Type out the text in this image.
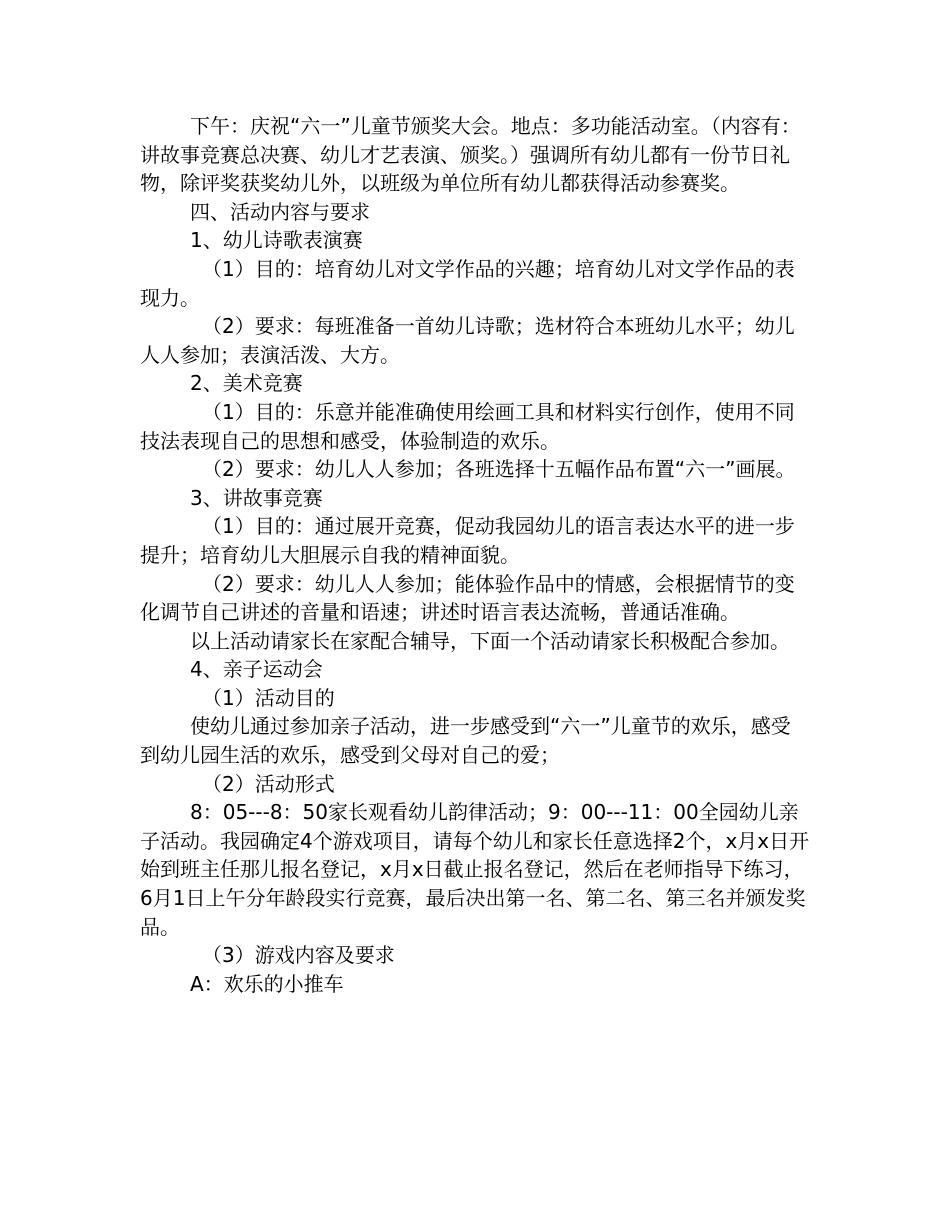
下午：庆祝“六一”儿童节颁奖大会。地点：多功能活动室。（内容有：讲故事竞赛总决赛、幼儿才艺表演、颁奖。）强调所有幼儿都有一份节日礼物，除评奖获奖幼儿外，以班级为单位所有幼儿都获得活动参赛奖。

四、活动内容与要求

1、幼儿诗歌表演赛

（1）目的：培育幼儿对文学作品的兴趣；培育幼儿对文学作品的表现力。

（2）要求：每班准备一首幼儿诗歌；选材符合本班幼儿水平；幼儿人人参加；表演活泼、大方。

2、美术竞赛

（1）目的：乐意并能准确使用绘画工具和材料实行创作，使用不同技法表现自己的思想和感受，体验制造的欢乐。

（2）要求：幼儿人人参加；各班选择十五幅作品布置“六一”画展。

3、讲故事竞赛

（1）目的：通过展开竞赛，促动我园幼儿的语言表达水平的进一步提升；培育幼儿大胆展示自我的精神面貌。

（2）要求：幼儿人人参加；能体验作品中的情感，会根据情节的变化调节自己讲述的音量和语速；讲述时语言表达流畅，普通话准确。

以上活动请家长在家配合辅导，下面一个活动请家长积极配合参加。

4、亲子运动会

（1）活动目的

使幼儿通过参加亲子活动，进一步感受到“六一”儿童节的欢乐，感受到幼儿园生活的欢乐，感受到父母对自己的爱；

（2）活动形式

8：05---8：50家长观看幼儿韵律活动；9：00---11：00全园幼儿亲子活动。我园确定4个游戏项目，请每个幼儿和家长任意选择2个，x月x日开始到班主任那儿报名登记，x月x日截止报名登记，然后在老师指导下练习，6月1日上午分年龄段实行竞赛，最后决出第一名、第二名、第三名并颁发奖品。

（3）游戏内容及要求

A：欢乐的小推车
